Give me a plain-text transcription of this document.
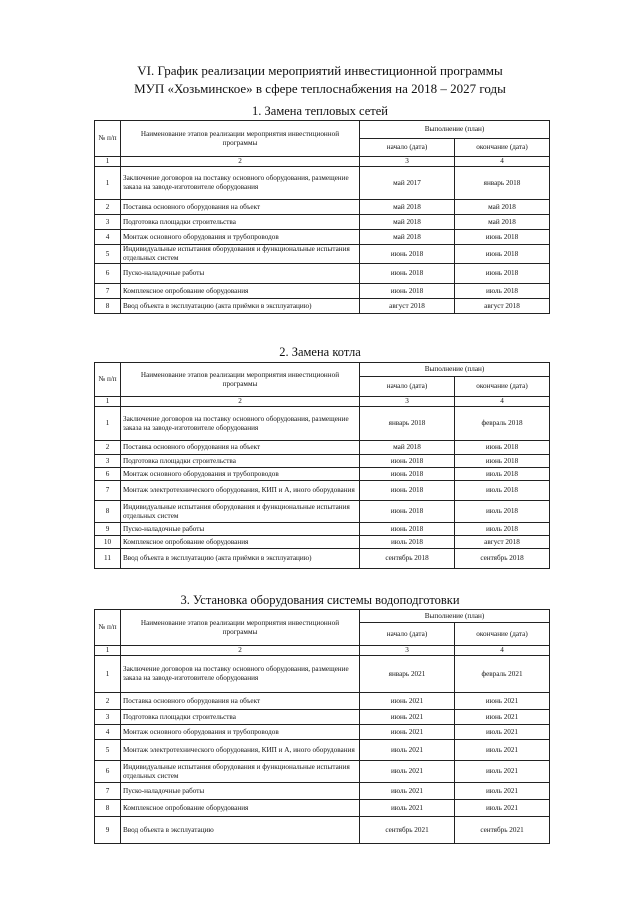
VI. График реализации мероприятий инвестиционной программы
МУП «Хозьминское» в сфере теплоснабжения на 2018 – 2027 годы
1. Замена тепловых сетей
№ п/п	Наименование этапов реализации мероприятия инвестиционной программы	Выполнение (план)	
		начало (дата)	окончание (дата)
1	2	3	4
1	Заключение договоров на поставку основного оборудования, размещение заказа на заводе-изготовителе оборудования	май 2017	январь 2018
2	Поставка основного оборудования на объект	май 2018	май 2018
3	Подготовка площадки строительства	май 2018	май 2018
4	Монтаж основного оборудования и трубопроводов	май 2018	июнь 2018
5	Индивидуальные испытания оборудования и функциональные испытания отдельных систем	июнь 2018	июнь 2018
6	Пуско-наладочные работы	июнь 2018	июнь 2018
7	Комплексное опробование оборудования	июнь 2018	июль 2018
8	Ввод объекта в эксплуатацию (акта приёмки в эксплуатацию)	август 2018	август 2018
2. Замена котла
№ п/п	Наименование этапов реализации мероприятия инвестиционной программы	Выполнение (план)	
		начало (дата)	окончание (дата)
1	2	3	4
1	Заключение договоров на поставку основного оборудования, размещение заказа на заводе-изготовителе оборудования	январь 2018	февраль 2018
2	Поставка основного оборудования на объект	май 2018	июнь 2018
3	Подготовка площадки строительства	июнь 2018	июнь 2018
6	Монтаж основного оборудования и трубопроводов	июнь 2018	июль 2018
7	Монтаж электротехнического оборудования, КИП и А, иного оборудования	июнь 2018	июль 2018
8	Индивидуальные испытания оборудования и функциональные испытания отдельных систем	июнь 2018	июль 2018
9	Пуско-наладочные работы	июнь 2018	июль 2018
10	Комплексное опробование оборудования	июль 2018	август 2018
11	Ввод объекта в эксплуатацию (акта приёмки в эксплуатацию)	сентябрь 2018	сентябрь 2018
3. Установка оборудования системы водоподготовки
№ п/п	Наименование этапов реализации мероприятия инвестиционной программы	Выполнение (план)	
		начало (дата)	окончание (дата)
1	2	3	4
1	Заключение договоров на поставку основного оборудования, размещение заказа на заводе-изготовителе оборудования	январь 2021	февраль 2021
2	Поставка основного оборудования на объект	июнь 2021	июнь 2021
3	Подготовка площадки строительства	июнь 2021	июнь 2021
4	Монтаж основного оборудования и трубопроводов	июнь 2021	июль 2021
5	Монтаж электротехнического оборудования, КИП и А, иного оборудования	июль 2021	июль 2021
6	Индивидуальные испытания оборудования и функциональные испытания отдельных систем	июль 2021	июль 2021
7	Пуско-наладочные работы	июль 2021	июль 2021
8	Комплексное опробование оборудования	июль 2021	июль 2021
9	Ввод объекта в эксплуатацию	сентябрь 2021	сентябрь 2021
